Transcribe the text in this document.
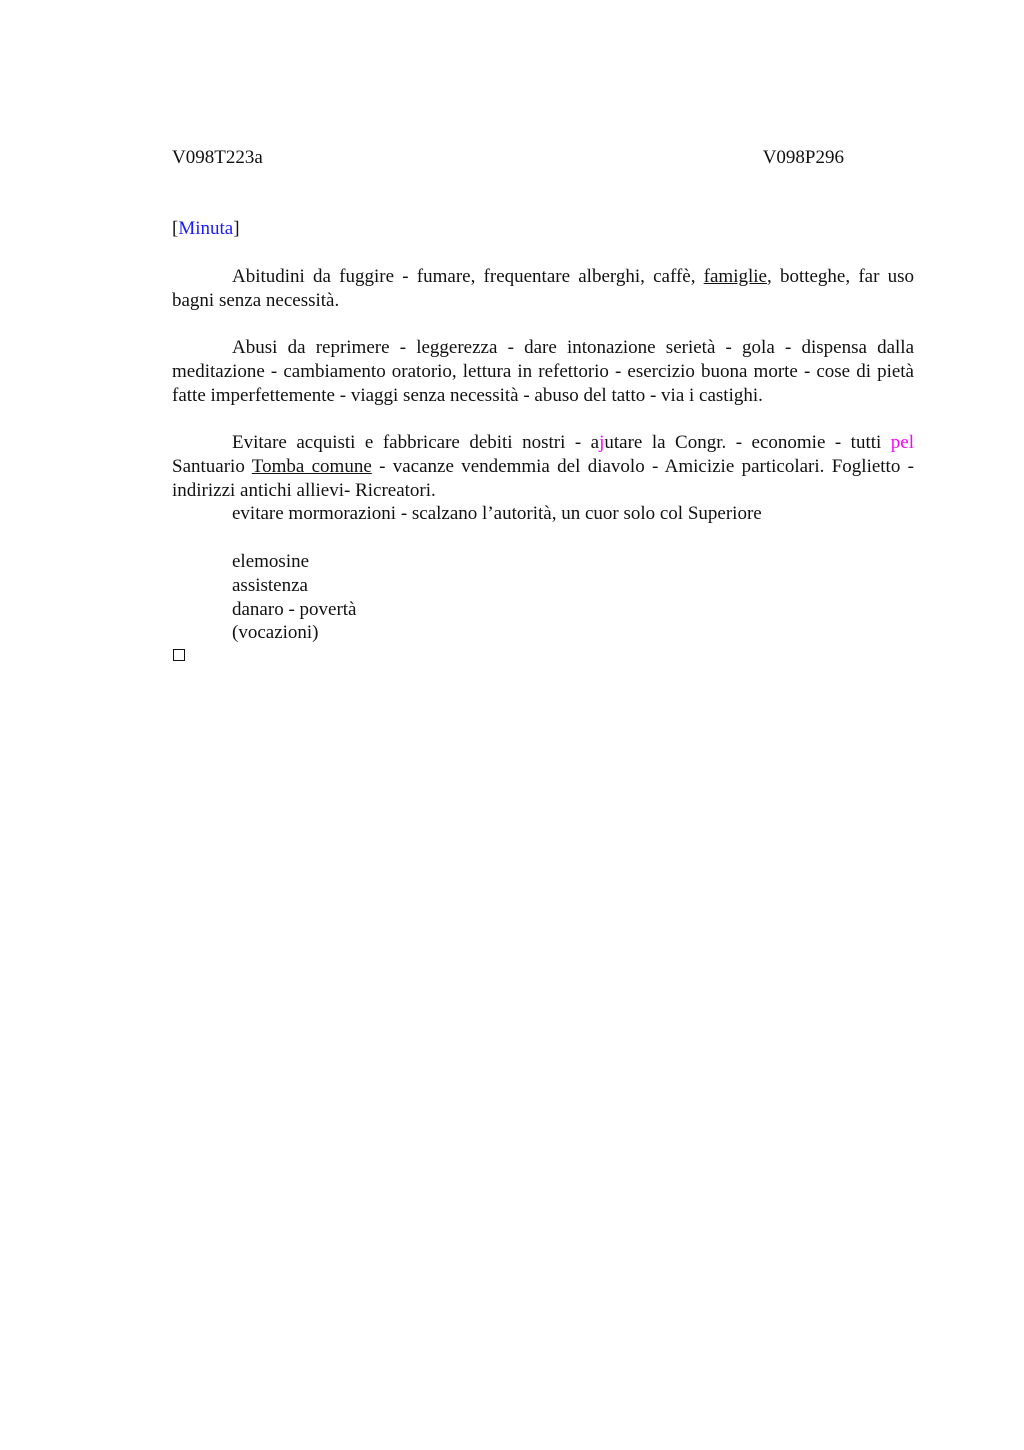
V098T223a	V098P296
[Minuta]
Abitudini da fuggire - fumare, frequentare alberghi, caffè, famiglie, botteghe, far uso bagni senza necessità.
Abusi da reprimere - leggerezza - dare intonazione serietà - gola - dispensa dalla meditazione - cambiamento oratorio, lettura in refettorio - esercizio buona morte - cose di pietà fatte imperfettemente - viaggi senza necessità - abuso del tatto - via i castighi.
Evitare acquisti e fabbricare debiti nostri - ajutare la Congr. - economie - tutti pel Santuario Tomba comune - vacanze vendemmia del diavolo - Amicizie particolari. Foglietto - indirizzi antichi allievi- Ricreatori.
evitare mormorazioni - scalzano l’autorità, un cuor solo col Superiore
elemosine
assistenza
danaro - povertà
(vocazioni)
